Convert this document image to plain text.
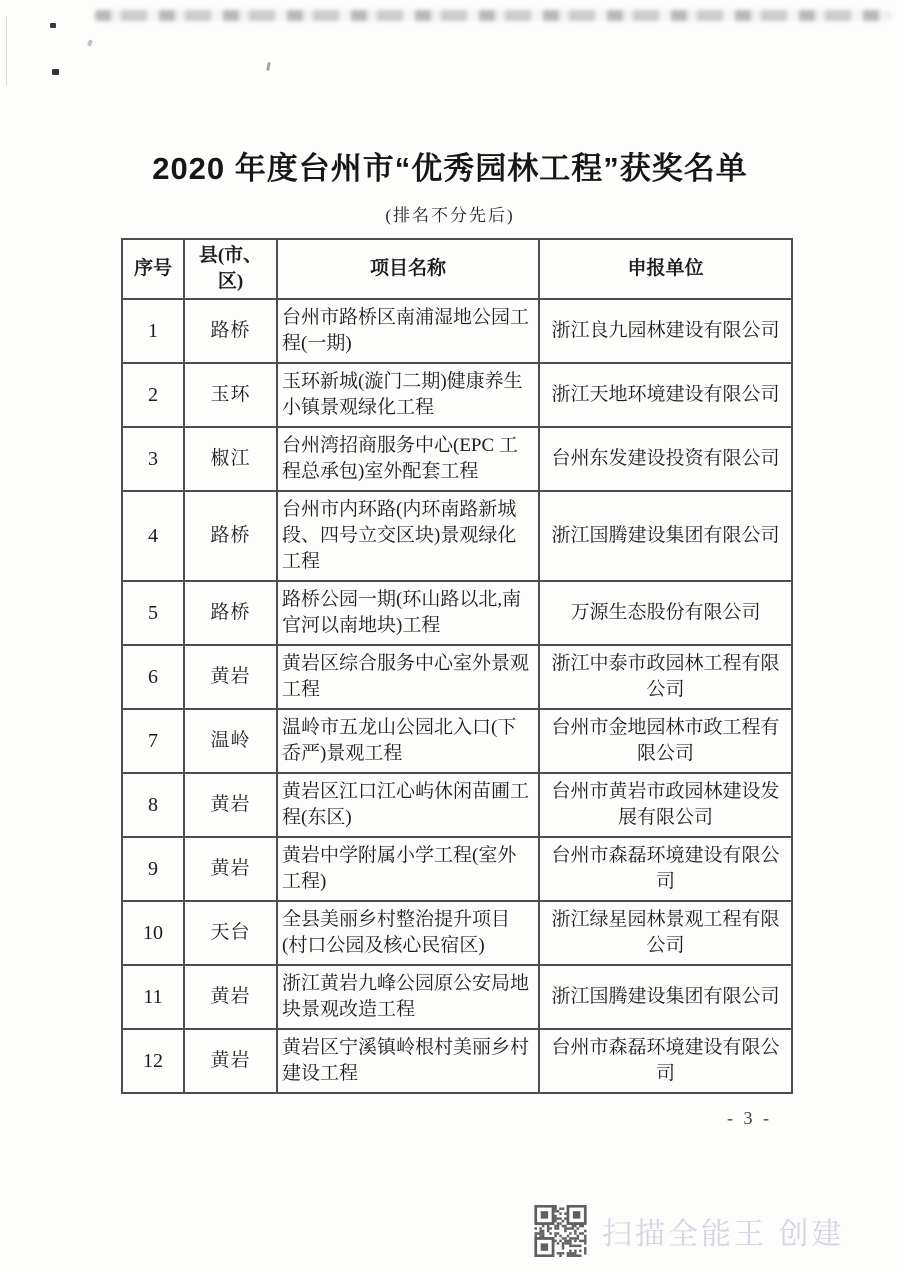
2020 年度台州市“优秀园林工程”获奖名单
(排名不分先后)
序号	县(市、区)	项目名称	申报单位
1	路桥	台州市路桥区南浦湿地公园工程(一期)	浙江良九园林建设有限公司
2	玉环	玉环新城(漩门二期)健康养生小镇景观绿化工程	浙江天地环境建设有限公司
3	椒江	台州湾招商服务中心(EPC 工程总承包)室外配套工程	台州东发建设投资有限公司
4	路桥	台州市内环路(内环南路新城段、四号立交区块)景观绿化工程	浙江国腾建设集团有限公司
5	路桥	路桥公园一期(环山路以北,南官河以南地块)工程	万源生态股份有限公司
6	黄岩	黄岩区综合服务中心室外景观工程	浙江中泰市政园林工程有限公司
7	温岭	温岭市五龙山公园北入口(下岙严)景观工程	台州市金地园林市政工程有限公司
8	黄岩	黄岩区江口江心屿休闲苗圃工程(东区)	台州市黄岩市政园林建设发展有限公司
9	黄岩	黄岩中学附属小学工程(室外工程)	台州市森磊环境建设有限公司
10	天台	全县美丽乡村整治提升项目(村口公园及核心民宿区)	浙江绿星园林景观工程有限公司
11	黄岩	浙江黄岩九峰公园原公安局地块景观改造工程	浙江国腾建设集团有限公司
12	黄岩	黄岩区宁溪镇岭根村美丽乡村建设工程	台州市森磊环境建设有限公司
- 3 -
扫描全能王 创建
